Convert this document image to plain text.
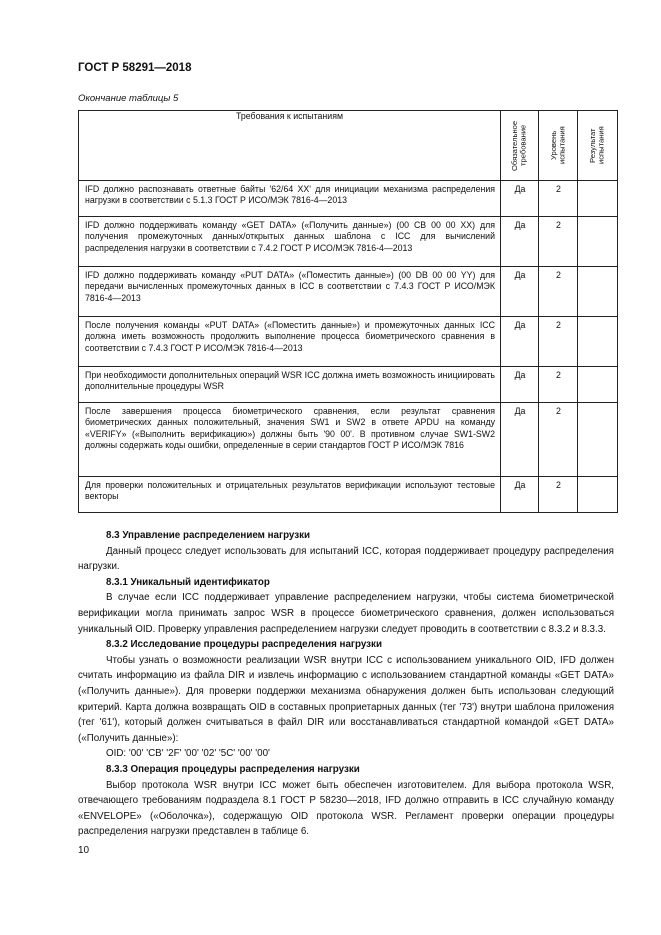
ГОСТ Р 58291—2018
Окончание таблицы 5
Требования к испытаниям	Обязательное требование	Уровень испытания	Результат испытания

IFD должно распознавать ответные байты '62/64 XX' для инициации механизма распределения нагрузки в соответствии с 5.1.3 ГОСТ Р ИСО/МЭК 7816-4—2013	Да	2	
IFD должно поддерживать команду «GET DATA» («Получить данные») (00 CB 00 00 XX) для получения промежуточных данных/открытых данных шаблона с ICC для вычислений распределения нагрузки в соответствии с 7.4.2 ГОСТ Р ИСО/МЭК 7816-4—2013	Да	2	
IFD должно поддерживать команду «PUT DATA» («Поместить данные») (00 DB 00 00 YY) для передачи вычисленных промежуточных данных в ICC в соответствии с 7.4.3 ГОСТ Р ИСО/МЭК 7816-4—2013	Да	2	
После получения команды «PUT DATA» («Поместить данные») и промежуточных данных ICC должна иметь возможность продолжить выполнение процесса биометрического сравнения в соответствии с 7.4.3 ГОСТ Р ИСО/МЭК 7816-4—2013	Да	2	
При необходимости дополнительных операций WSR ICC должна иметь возможность инициировать дополнительные процедуры WSR	Да	2	
После завершения процесса биометрического сравнения, если результат сравнения биометрических данных положительный, значения SW1 и SW2 в ответе APDU на команду «VERIFY» («Выполнить верификацию») должны быть '90 00'. В противном случае SW1-SW2 должны содержать коды ошибки, определенные в серии стандартов ГОСТ Р ИСО/МЭК 7816	Да	2	
Для проверки положительных и отрицательных результатов верификации используют тестовые векторы	Да	2	

8.3 Управление распределением нагрузки

Данный процесс следует использовать для испытаний ICC, которая поддерживает процедуру распределения нагрузки.

8.3.1 Уникальный идентификатор

В случае если ICC поддерживает управление распределением нагрузки, чтобы система биометрической верификации могла принимать запрос WSR в процессе биометрического сравнения, должен использоваться уникальный OID. Проверку управления распределением нагрузки следует проводить в соответствии с 8.3.2 и 8.3.3.

8.3.2 Исследование процедуры распределения нагрузки

Чтобы узнать о возможности реализации WSR внутри ICC с использованием уникального OID, IFD должен считать информацию из файла DIR и извлечь информацию с использованием стандартной команды «GET DATA» («Получить данные»). Для проверки поддержки механизма обнаружения должен быть использован следующий критерий. Карта должна возвращать OID в составных проприетарных данных (тег '73') внутри шаблона приложения (тег '61'), который должен считываться в файл DIR или восстанавливаться стандартной командой «GET DATA» («Получить данные»):

OID: '00' 'CB' '2F' '00' '02' '5C' '00' '00'

8.3.3 Операция процедуры распределения нагрузки

Выбор протокола WSR внутри ICC может быть обеспечен изготовителем. Для выбора протокола WSR, отвечающего требованиям подраздела 8.1 ГОСТ Р 58230—2018, IFD должно отправить в ICC случайную команду «ENVELOPE» («Оболочка»), содержащую OID протокола WSR. Регламент проверки операции процедуры распределения нагрузки представлен в таблице 6.

10
